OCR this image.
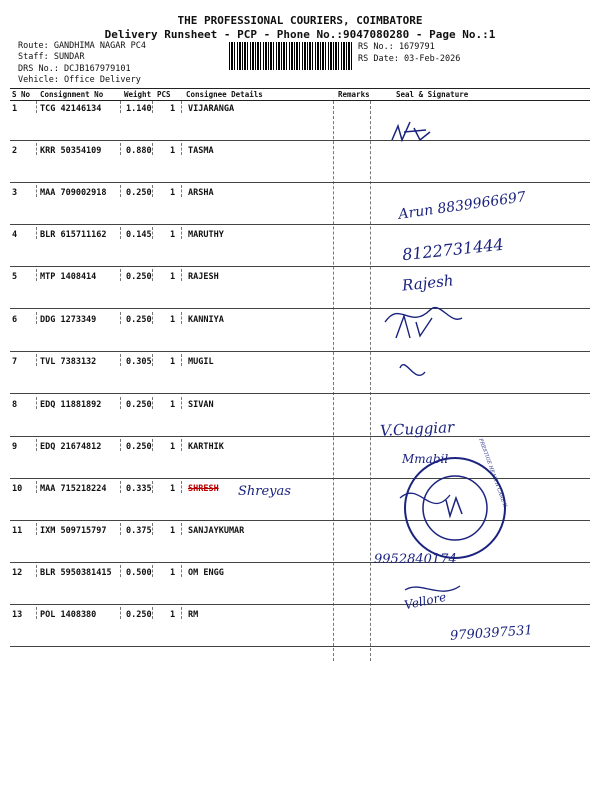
THE PROFESSIONAL COURIERS, COIMBATORE
Delivery Runsheet - PCP - Phone No.:9047080280 - Page No.:1
Route: GANDHIMA NAGAR PC4
Staff: SUNDAR
DRS No.: DCJB167979101
Vehicle: Office Delivery
RS No.: 1679791
RS Date: 03-Feb-2026
S No Consignment No	Weight PCS Consignee Details	Remarks	Seal & Signature
1	TCG 42146134	1.140 1 VIJARANGA
2	KRR 50354109	0.880 1 TASMA
3	MAA 709002918 0.250 1 ARSHA
4	BLR 615711162 0.145 1 MARUTHY
5	MTP 1408414	0.250 1 RAJESH
6	DDG 1273349	0.250 1 KANNIYA
7	TVL 7383132	0.305 1 MUGIL
8	EDQ 11881892	0.250 1 SIVAN
9	EDQ 21674812	0.250 1 KARTHIK
10 MAA 715218224 0.335 1 SHRESH
11 IXM 509715797 0.375 1 SANJAYKUMAR
12 BLR 5950381415 0.500 1 OM ENGG
13 POL 1408380	0.250 1 RM
Arun 8839966697
8122731444
Rajesh
V.Cuggiar
Mmabil
Shreyas
9952840174
Vellore
9790397531
PRESTIGE HEALTH CARE II
